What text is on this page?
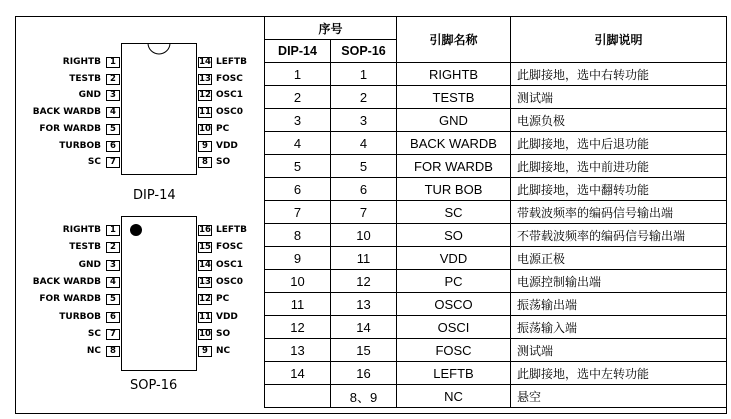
RIGHTB	1
TESTB	2
GND	3
BACK WARDB	4
FOR WARDB	5
TURBOB	6
SC	7
LEFTB
14
FOSC
13
OSC1
12
OSC0
11
PC
10
VDD
9
SO
8
DIP-14
RIGHTB	1
TESTB	2
GND	3
BACK WARDB	4
FOR WARDB	5
TURBOB	6
SC	7
NC	8
LEFTB
16
FOSC
15
OSC1
14
OSC0
13
PC
12
VDD
11
SO
10
NC
9
SOP-16
序号		引脚名称	引脚说明
DIP-14	SOP-16		
1	1	RIGHTB	此脚接地，选中右转功能
2	2	TESTB	测试端
3	3	GND	电源负极
4	4	BACK WARDB	此脚接地，选中后退功能
5	5	FOR WARDB	此脚接地，选中前进功能
6	6	TUR BOB	此脚接地，选中翻转功能
7	7	SC	带载波频率的编码信号输出端
8	10	SO	不带载波频率的编码信号输出端
9	11	VDD	电源正极
10	12	PC	电源控制输出端
11	13	OSCO	振荡输出端
12	14	OSCI	振荡输入端
13	15	FOSC	测试端
14	16	LEFTB	此脚接地，选中左转功能
	8、9	NC	悬空
